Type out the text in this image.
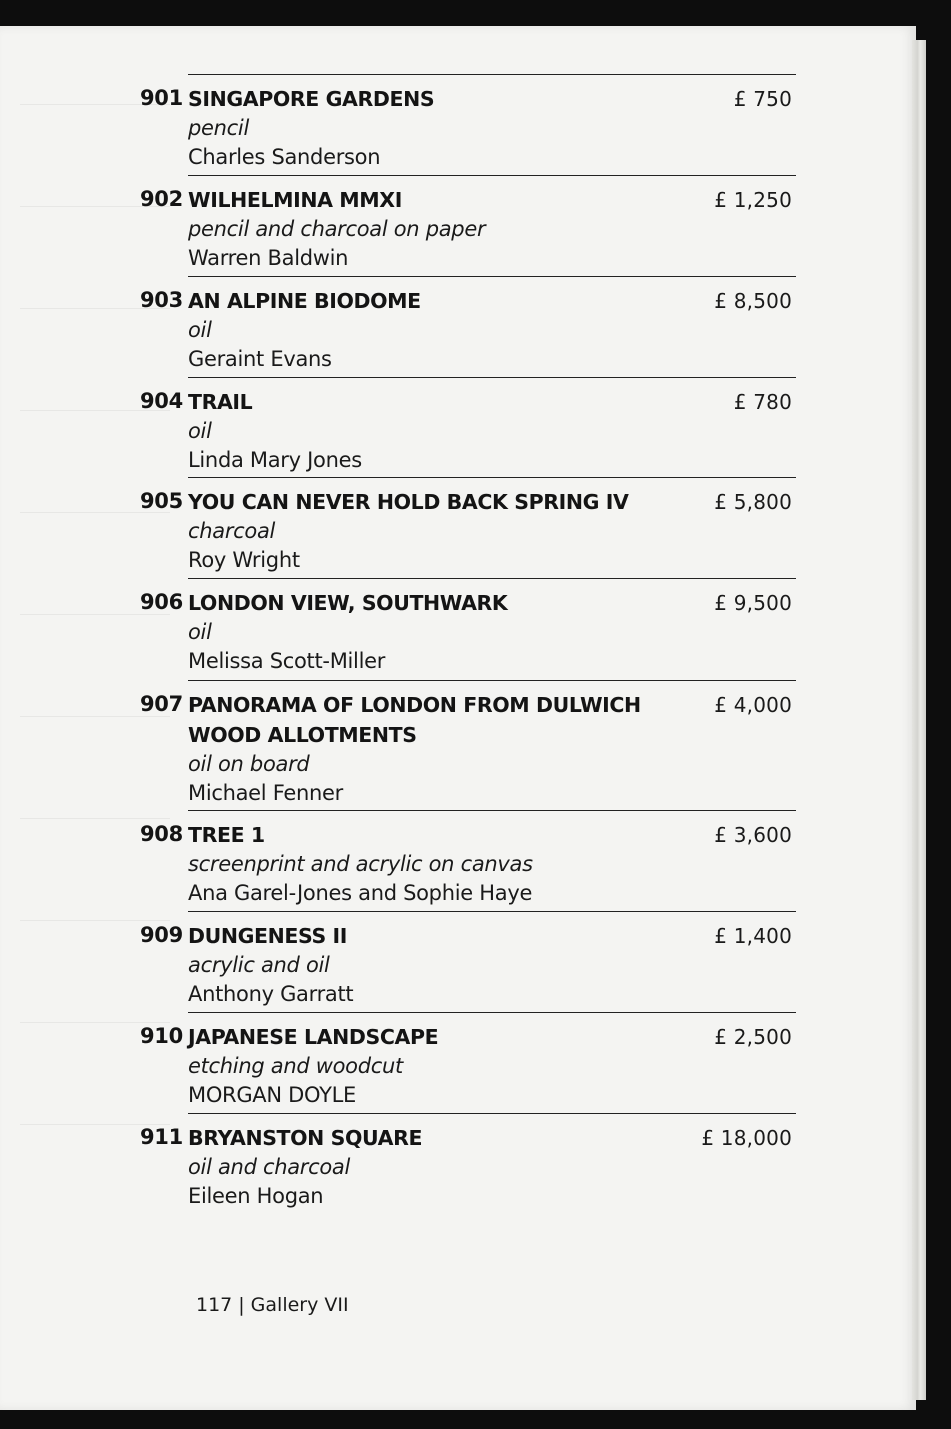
901 SINGAPORE GARDENS
pencil
Charles Sanderson
£ 750
902 WILHELMINA MMXI
pencil and charcoal on paper
Warren Baldwin
£ 1,250
903 AN ALPINE BIODOME
oil
Geraint Evans
£ 8,500
904 TRAIL
oil
Linda Mary Jones
£ 780
905 YOU CAN NEVER HOLD BACK SPRING IV
charcoal
Roy Wright
£ 5,800
906 LONDON VIEW, SOUTHWARK
oil
Melissa Scott-Miller
£ 9,500
907 PANORAMA OF LONDON FROM DULWICH WOOD ALLOTMENTS
oil on board
Michael Fenner
£ 4,000
908 TREE 1
screenprint and acrylic on canvas
Ana Garel-Jones and Sophie Haye
£ 3,600
909 DUNGENESS II
acrylic and oil
Anthony Garratt
£ 1,400
910 JAPANESE LANDSCAPE
etching and woodcut
MORGAN DOYLE
£ 2,500
911 BRYANSTON SQUARE
oil and charcoal
Eileen Hogan
£ 18,000
117 | Gallery VII
